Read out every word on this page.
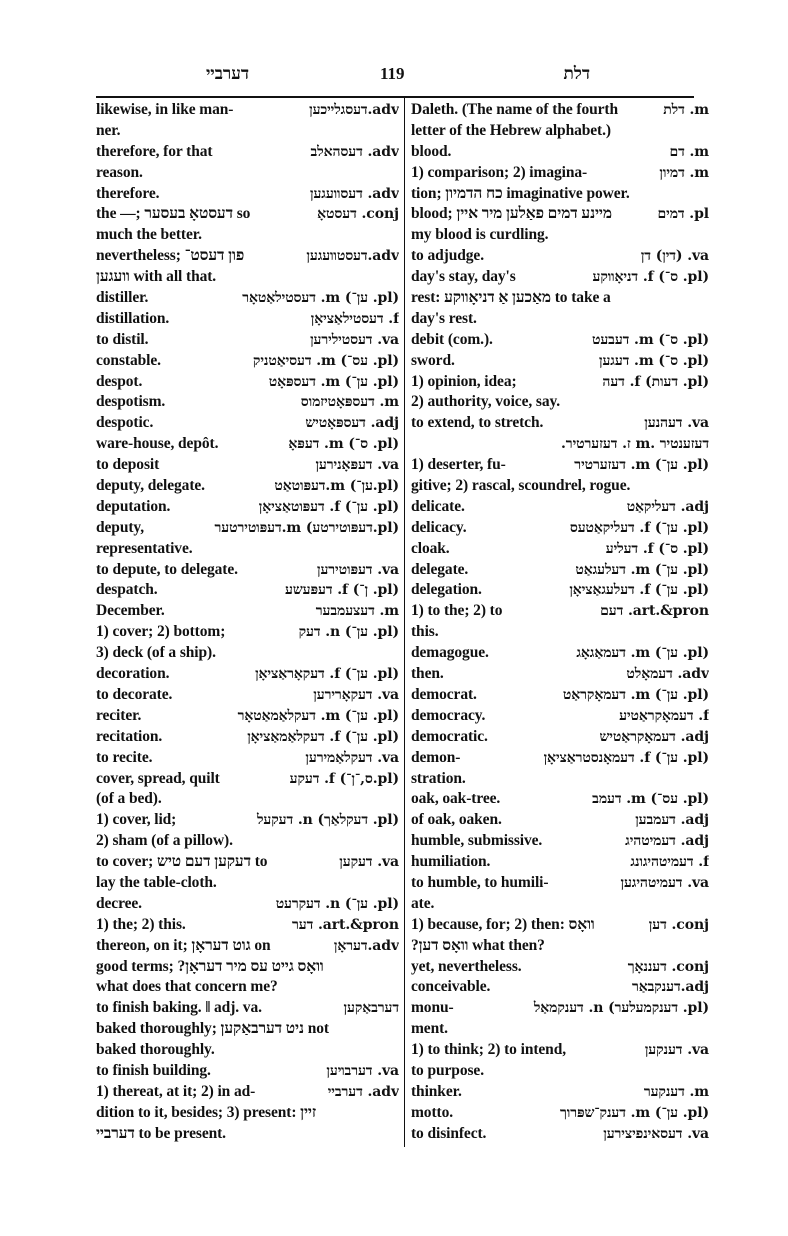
דערבײ	119	דלת
adv.דעסגלײכען
likewise, in like man-
ner.
adv. דעסהאלב
therefore, for that
reason.
adv. דעסװעגען
therefore.
conj. דעסטאָ
the —; דעסטאָ בעסער so
much the better.
adv.דעסטװעגען
nevertheless; פון דעסט־
װעגען with all that.
(pl. ען־) m. דעסטילאַטאָר
distiller.
f. דעסטילאַציאָן
distillation.
va. דעסטילירען
to distil.
(pl. עס־) m. דעסיאַטניק
constable.
(pl. ען־) m. דעספּאָט
despot.
m. דעספּאָטיזמוס
despotism.
adj. דעספּאָטיש
despotic.
(pl. ס־) m. דעפּאָ
ware-house, depôt.
va. דעפּאָנירען
to deposit
(pl.ען־) m.דעפּוטאַט
deputy, delegate.
(pl. ען־) f. דעפּוטאַציאָן
deputation.
(pl.דעפּוטירטע) m.דעפּוטירטער
deputy,
representative.
va. דעפּוטירען
to depute, to delegate.
(pl. ן־) f. דעפּעשע
despatch.
m. דעצעמבער
December.
(pl. ען־) n. דעק
1) cover; 2) bottom;
3) deck (of a ship).
(pl. ען־) f. דעקאָראַציאָן
decoration.
va. דעקאָרירען
to decorate.
(pl. ען־) m. דעקלאַמאַטאָר
reciter.
(pl. ען־) f. דעקלאַמאַציאָן
recitation.
va. דעקלאַמירען
to recite.
(pl.ס,־ן־) f. דעקע
cover, spread, quilt
(of a bed).
(pl. דעקלאַך) n. דעקעל
1) cover, lid;
2) sham (of a pillow).
va. דעקען
to cover; דעקען דעם טיש to
lay the table-cloth.
(pl. ען־) n. דעקרעט
decree.
art.&pron. דער
1) the; 2) this.
adv.דעראָן
thereon, on it; גוט דעראָן on
good terms; ?װאָס גײט עס מיר דעראָן
what does that concern me?
דערבאַקען
to finish baking. ‖ adj. va.
baked thoroughly; ניט דערבאַקען not
baked thoroughly.
va. דערבױען
to finish building.
adv. דערבײ
1) thereat, at it; 2) in ad-
dition to it, besides; 3) present: זײן
דערבײ to be present.
m. דלת
Daleth. (The name of the fourth
letter of the Hebrew alphabet.)
m. דם
blood.
m. דמיון
1) comparison; 2) imagina-
tion; כח הדמיון imaginative power.
pl. דמים
blood; מײנע דמים פאַלען מיר אײן
my blood is curdling.
va. (דין) דן
to adjudge.
(pl. ס־) f. דניאָװקע
day's stay, day's
rest: מאַכען אַ דניאָװקע to take a
day's rest.
(pl. ס־) m. דעבעט
debit (com.).
(pl. ס־) m. דעגען
sword.
(pl. דעות) f. דעה
1) opinion, idea;
2) authority, voice, say.
va. דעהנען
to extend, to stretch.
דעזענטיר .m ז. דעזערטיר.
(pl. ען־) m. דעזערטיר
1) deserter, fu-
gitive; 2) rascal, scoundrel, rogue.
adj. דעליקאַט
delicate.
(pl. ען־) f. דעליקאַטעס
delicacy.
(pl. ס־) f. דעליע
cloak.
(pl. ען־) m. דעלעגאַט
delegate.
(pl. ען־) f. דעלעגאַציאָן
delegation.
art.&pron. דעם
1) to the; 2) to
this.
(pl. ען־) m. דעמאַגאָג
demagogue.
adv. דעמאָלט
then.
(pl. ען־) m. דעמאָקראַט
democrat.
f. דעמאָקראַטיע
democracy.
adj. דעמאָקראַטיש
democratic.
(pl. ען־) f. דעמאָנסטראַציאָן
demon-
stration.
(pl. עס־) m. דעמב
oak, oak-tree.
adj. דעמבען
of oak, oaken.
adj. דעמיטהיג
humble, submissive.
f. דעמיטהיגונג
humiliation.
va. דעמיטהיגען
to humble, to humili-
ate.
conj. דען
1) because, for; 2) then: װאָס
?װאָס דען what then?
conj. דעננאָך
yet, nevertheless.
adj.דענקבאַר
conceivable.
(pl. דענקמעלער) n. דענקמאַל
monu-
ment.
va. דענקען
1) to think; 2) to intend,
to purpose.
m. דענקער
thinker.
(pl. ען־) m. דענק־שפּרוך
motto.
va. דעסאינפיצירען
to disinfect.
